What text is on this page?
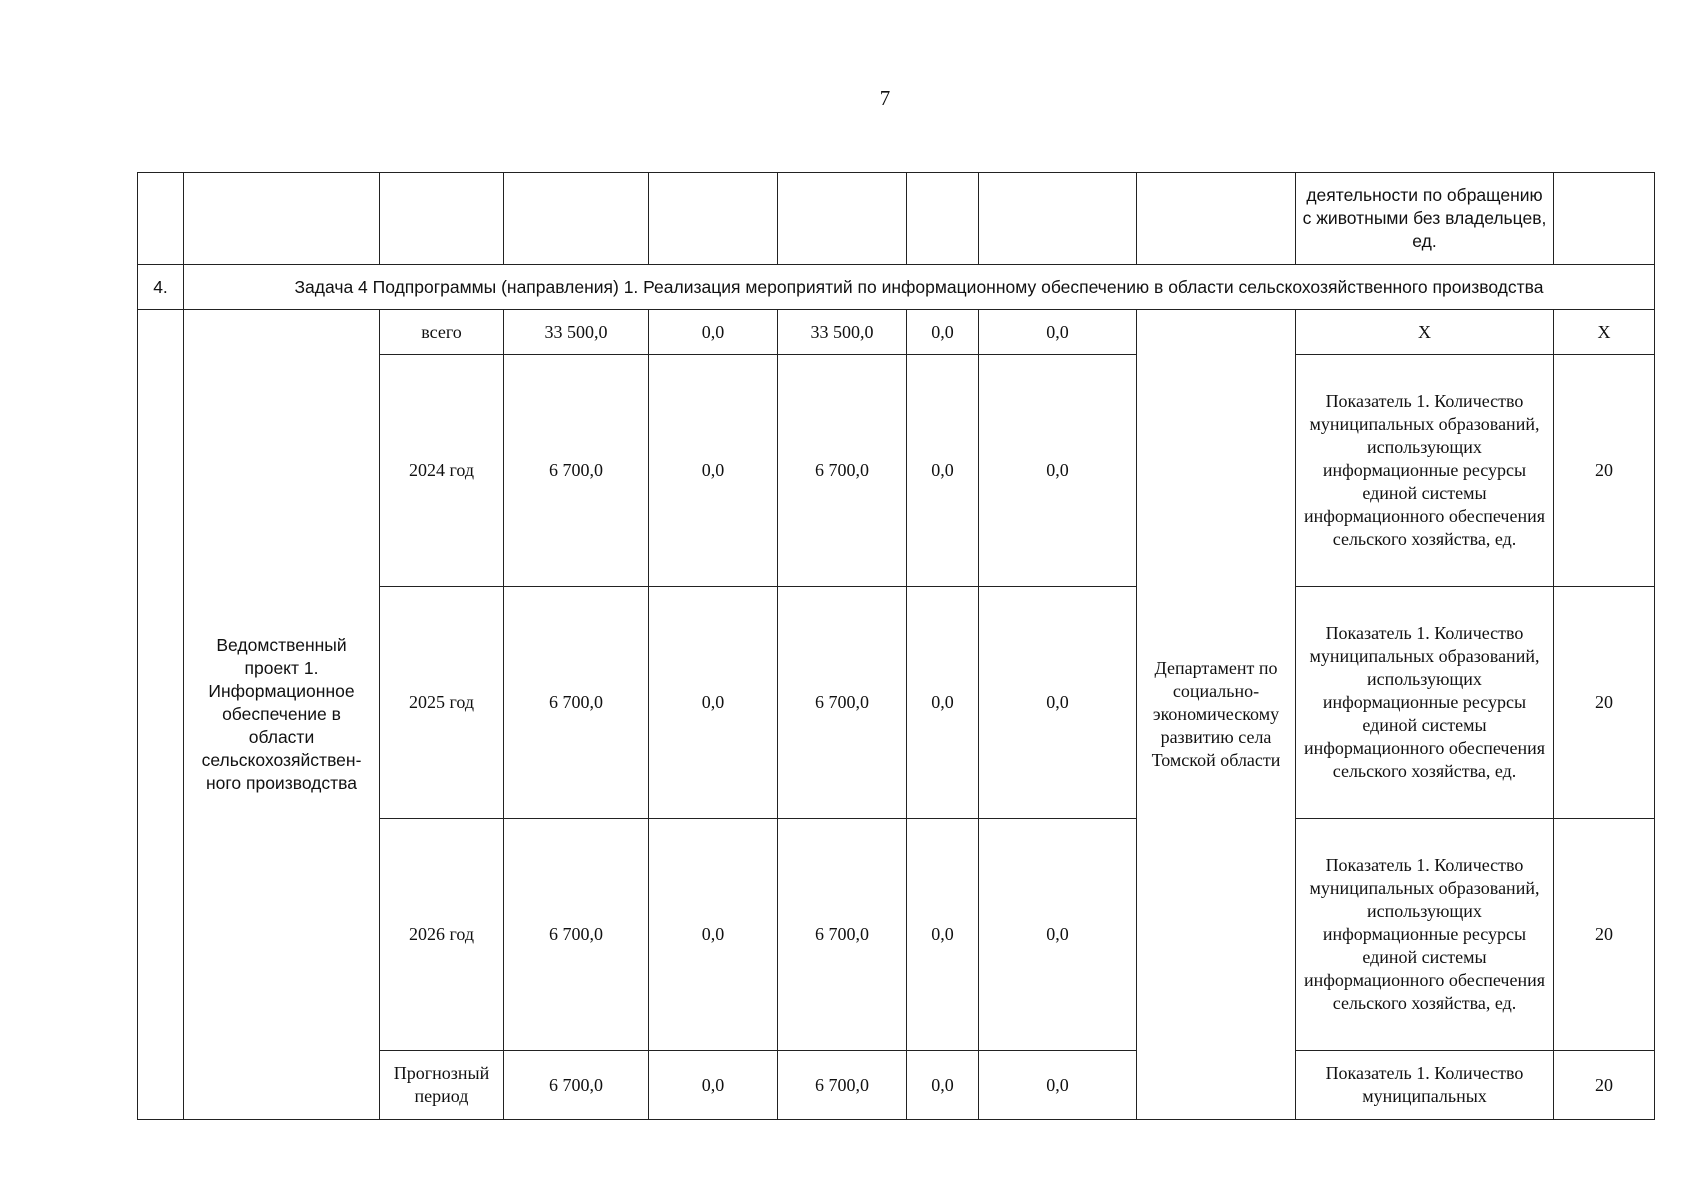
7
									деятельности по обращению с животными без владельцев, ед.	
4.	Задача 4 Подпрограммы (направления) 1. Реализация мероприятий по информационному обеспечению в области сельскохозяйственного производства									
	Ведомственный проект 1. Информационное обеспечение в области сельскохозяйствен-ного производства	всего	33 500,0	0,0	33 500,0	0,0	0,0	Департамент по социально-экономическому развитию села Томской области	Х	Х
		2024 год	6 700,0	0,0	6 700,0	0,0	0,0		Показатель 1. Количество муниципальных образований, использующих информационные ресурсы единой системы информационного обеспечения сельского хозяйства, ед.	20
		2025 год	6 700,0	0,0	6 700,0	0,0	0,0		Показатель 1. Количество муниципальных образований, использующих информационные ресурсы единой системы информационного обеспечения сельского хозяйства, ед.	20
		2026 год	6 700,0	0,0	6 700,0	0,0	0,0		Показатель 1. Количество муниципальных образований, использующих информационные ресурсы единой системы информационного обеспечения сельского хозяйства, ед.	20
		Прогнозный период	6 700,0	0,0	6 700,0	0,0	0,0		Показатель 1. Количество муниципальных	20
